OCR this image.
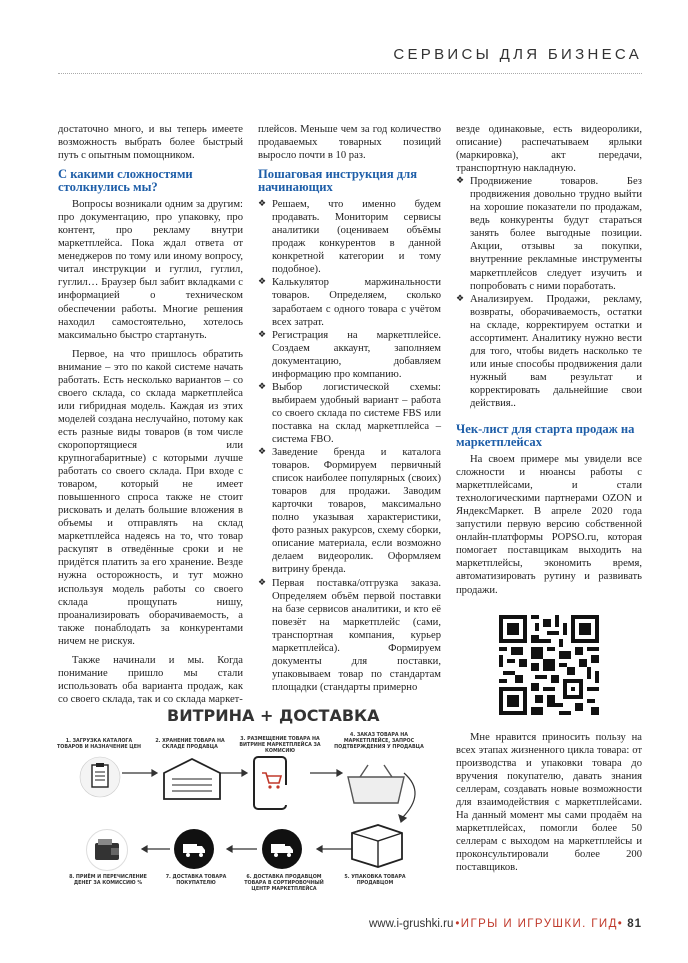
СЕРВИСЫ ДЛЯ БИЗНЕСА

достаточно много, и вы теперь имеете возможность выбрать более быстрый путь с опытным помощником.

С какими сложностями столкнулись мы?

Вопросы возникали одним за другим: про документацию, про упаковку, про контент, про рекламу внутри маркетплейса. Пока ждал ответа от менеджеров по тому или иному вопросу, читал инструкции и гуглил, гуглил, гуглил… Браузер был забит вкладками с информацией о техническом обеспечении работы. Многие решения находил самостоятельно, хотелось максимально быстро стартануть.

Первое, на что пришлось обратить внимание – это по какой системе начать работать. Есть несколько вариантов – со своего склада, со склада маркетплейса или гибридная модель. Каждая из этих моделей создана неслучайно, потому как есть разные виды товаров (в том числе скоропортящиеся или крупногабаритные) с которыми лучше работать со своего склада. При входе с товаром, который не имеет повышенного спроса также не стоит рисковать и делать большие вложения в объемы и отправлять на склад маркетплейса надеясь на то, что товар раскупят в отведённые сроки и не придётся платить за его хранение. Везде нужна осторожность, и тут можно используя модель работы со своего склада прощупать нишу, проанализировать оборачиваемость, а также понаблодать за конкурентами ничем не рискуя.

Также начинали и мы. Когда понимание пришло мы стали использовать оба варианта продаж, как со своего склада, так и со склада маркет-

плейсов. Меньше чем за год количество продаваемых товарных позиций выросло почти в 10 раз.

Пошаговая инструкция для начинающих
❖ Решаем, что именно будем продавать. Мониторим сервисы аналитики (оцениваем объёмы продаж конкурентов в данной конкретной категории и тому подобное).
❖ Калькулятор маржинальности товаров. Определяем, сколько заработаем с одного товара с учётом всех затрат.
❖ Регистрация на маркетплейсе. Создаем аккаунт, заполняем документацию, добавляем информацию про компанию.
❖ Выбор логистической схемы: выбираем удобный вариант – работа со своего склада по системе FBS или поставка на склад маркетплейса – система FBO.
❖ Заведение бренда и каталога товаров. Формируем первичный список наиболее популярных (своих) товаров для продажи. Заводим карточки товаров, максимально полно указывая характеристики, фото разных ракурсов, схему сборки, описание материала, если возможно делаем видеоролик. Оформляем витрину бренда.
❖ Первая поставка/отгрузка заказа. Определяем объём первой поставки на базе сервисов аналитики, и кто её повезёт на маркетплейс (сами, транспортная компания, курьер маркетплейса). Формируем документы для поставки, упаковываем товар по стандартам площадки (стандарты примерно

везде одинаковые, есть видеоролики, описание) распечатываем ярлыки (маркировка), акт передачи, транспортную накладную.

❖ Продвижение товаров. Без продвижения довольно трудно выйти на хорошие показатели по продажам, ведь конкуренты будут стараться занять более выгодные позиции. Акции, отзывы за покупки, внутренние рекламные инструменты маркетплейсов следует изучить и попробовать с ними поработать.
❖ Анализируем. Продажи, рекламу, возвраты, оборачиваемость, остатки на складе, корректируем остатки и ассортимент. Аналитику нужно вести для того, чтобы видеть насколько те или иные способы продвижения дали нужный вам результат и корректировать дальнейшие свои действия..
Чек-лист для старта продаж на маркетплейсах

На своем примере мы увидели все сложности и нюансы работы с маркетплейсами, и стали технологическими партнерами OZON и ЯндексМаркет. В апреле 2020 года запустили первую версию собственной онлайн-платформы POPSO.ru, которая помогает поставщикам выходить на маркетплейсы, экономить время, автоматизировать рутину и развивать продажи.

Мне нравится приносить пользу на всех этапах жизненного цикла товара: от производства и упаковки товара до вручения покупателю, давать знания селлерам, создавать новые возможности для взаимодействия с маркетплейсами. На данный момент мы сами продаём на маркетплейсах, помогли более 50 селлерам с выходом на маркетплейсы и проконсультировали более 200 поставщиков.

ВИТРИНА + ДОСТАВКА
1. ЗАГРУЗКА КАТАЛОГА ТОВАРОВ И НАЗНАЧЕНИЕ ЦЕН
2. ХРАНЕНИЕ ТОВАРА НА СКЛАДЕ ПРОДАВЦА
3. РАЗМЕЩЕНИЕ ТОВАРА НА ВИТРИНЕ МАРКЕТПЛЕЙСА ЗА КОМИСИЮ
4. ЗАКАЗ ТОВАРА НА МАРКЕТПЛЕЙСЕ, ЗАПРОС ПОДТВЕРЖДЕНИЯ У ПРОДАВЦА
5. УПАКОВКА ТОВАРА ПРОДАВЦОМ
6. ДОСТАВКА ПРОДАВЦОМ ТОВАРА В СОРТИРОВОЧНЫЙ ЦЕНТР МАРКЕТПЛЕЙСА
7. ДОСТАВКА ТОВАРА ПОКУПАТЕЛЮ
8. ПРИЁМ И ПЕРЕЧИСЛЕНИЕ ДЕНЕГ ЗА КОМИССИЮ %
www.i-grushki.ru •ИГРЫ И ИГРУШКИ. ГИД• 81
